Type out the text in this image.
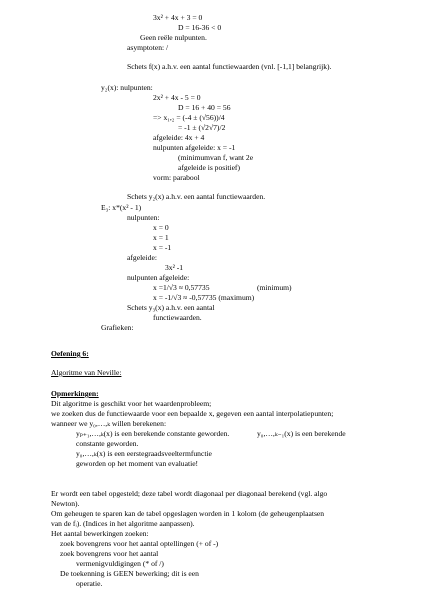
3x² + 4x + 3 = 0
D = 16-36 < 0
Geen reële nulpunten.
asymptoten: /
Schets f(x) a.h.v. een aantal functiewaarden (vnl. [-1,1] belangrijk).
y₂(x): nulpunten:
2x² + 4x - 5 = 0
D = 16 + 40 = 56
=> x₁,₂ = (-4 ± (√56))/4
= -1 ± (√2√7)/2
afgeleide: 4x + 4
nulpunten afgeleide: x = -1
(minimumvan f, want 2e
afgeleide is positief)
vorm: parabool
Schets y₂(x) a.h.v. een aantal functiewaarden.
E₃: x*(x² - 1)
nulpunten:
x = 0
x = 1
x = -1
afgeleide:
3x² -1
nulpunten afgeleide:
x =1/√3 ≈ 0,57735	(minimum)
x = -1/√3 ≈ -0,57735 (maximum)
Schets y₃(x) a.h.v. een aantal
functiewaarden.
Grafieken:
Oefening 6:
Algoritme van Neville:
Opmerkingen:
Dit algoritme is geschikt voor het waardenprobleem;
we zoeken dus de functiewaarde voor een bepaalde x, gegeven een aantal interpolatiepunten;
wanneer we y₀,…,ₖ willen berekenen:
yₚ₊₁,…,ₖ(x) is een berekende constante geworden.	y₀,…,ₖ₋₁(x) is een berekende
constante geworden.
y₀,…,ₖ(x) is een eerstegraadsveeltermfunctie
geworden op het moment van evaluatie!
Er wordt een tabel opgesteld; deze tabel wordt diagonaal per diagonaal berekend (vgl. algo
Newton).
Om geheugen te sparen kan de tabel opgeslagen worden in 1 kolom (de geheugenplaatsen
van de fᵢ). (Indices in het algoritme aanpassen).
Het aantal bewerkingen zoeken:
zoek bovengrens voor het aantal optellingen (+ of -)
zoek bovengrens voor het aantal
vermenigvuldigingen (* of /)
De toekenning is GEEN bewerking; dit is een
operatie.
